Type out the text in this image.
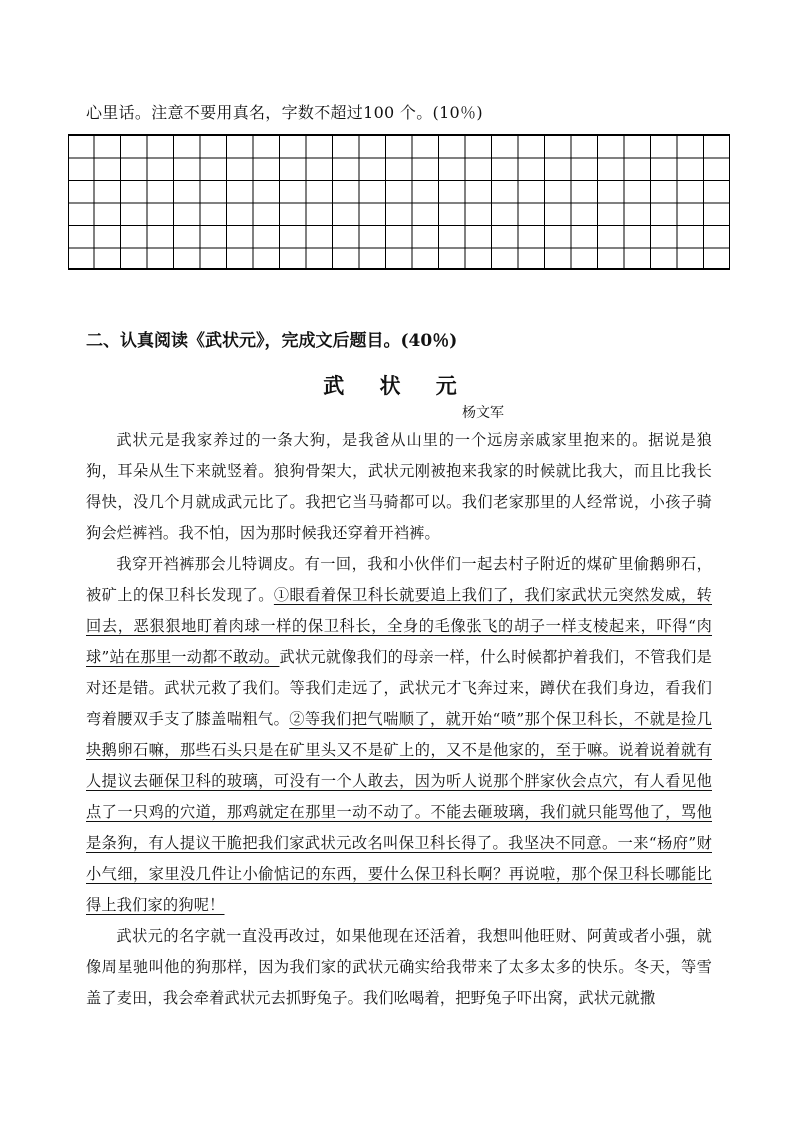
心里话。注意不要用真名，字数不超过100 个。(10％)
二、认真阅读《武状元》，完成文后题目。(40％)
武 状 元
杨文军

武状元是我家养过的一条大狗，是我爸从山里的一个远房亲戚家里抱来的。据说是狼狗，耳朵从生下来就竖着。狼狗骨架大，武状元刚被抱来我家的时候就比我大，而且比我长得快，没几个月就成武元比了。我把它当马骑都可以。我们老家那里的人经常说，小孩子骑狗会烂裤裆。我不怕，因为那时候我还穿着开裆裤。

我穿开裆裤那会儿特调皮。有一回，我和小伙伴们一起去村子附近的煤矿里偷鹅卵石，被矿上的保卫科长发现了。①眼看着保卫科长就要追上我们了，我们家武状元突然发威，转回去，恶狠狠地盯着肉球一样的保卫科长，全身的毛像张飞的胡子一样支棱起来，吓得“肉球”站在那里一动都不敢动。武状元就像我们的母亲一样，什么时候都护着我们，不管我们是对还是错。武状元救了我们。等我们走远了，武状元才飞奔过来，蹲伏在我们身边，看我们弯着腰双手支了膝盖喘粗气。②等我们把气喘顺了，就开始“喷”那个保卫科长，不就是捡几块鹅卵石嘛，那些石头只是在矿里头又不是矿上的，又不是他家的，至于嘛。说着说着就有人提议去砸保卫科的玻璃，可没有一个人敢去，因为听人说那个胖家伙会点穴，有人看见他点了一只鸡的穴道，那鸡就定在那里一动不动了。不能去砸玻璃，我们就只能骂他了，骂他是条狗，有人提议干脆把我们家武状元改名叫保卫科长得了。我坚决不同意。一来“杨府”财小气细，家里没几件让小偷惦记的东西，要什么保卫科长啊？再说啦，那个保卫科长哪能比得上我们家的狗呢！

武状元的名字就一直没再改过，如果他现在还活着，我想叫他旺财、阿黄或者小强，就像周星驰叫他的狗那样，因为我们家的武状元确实给我带来了太多太多的快乐。冬天，等雪盖了麦田，我会牵着武状元去抓野兔子。我们吆喝着，把野兔子吓出窝，武状元就撒
